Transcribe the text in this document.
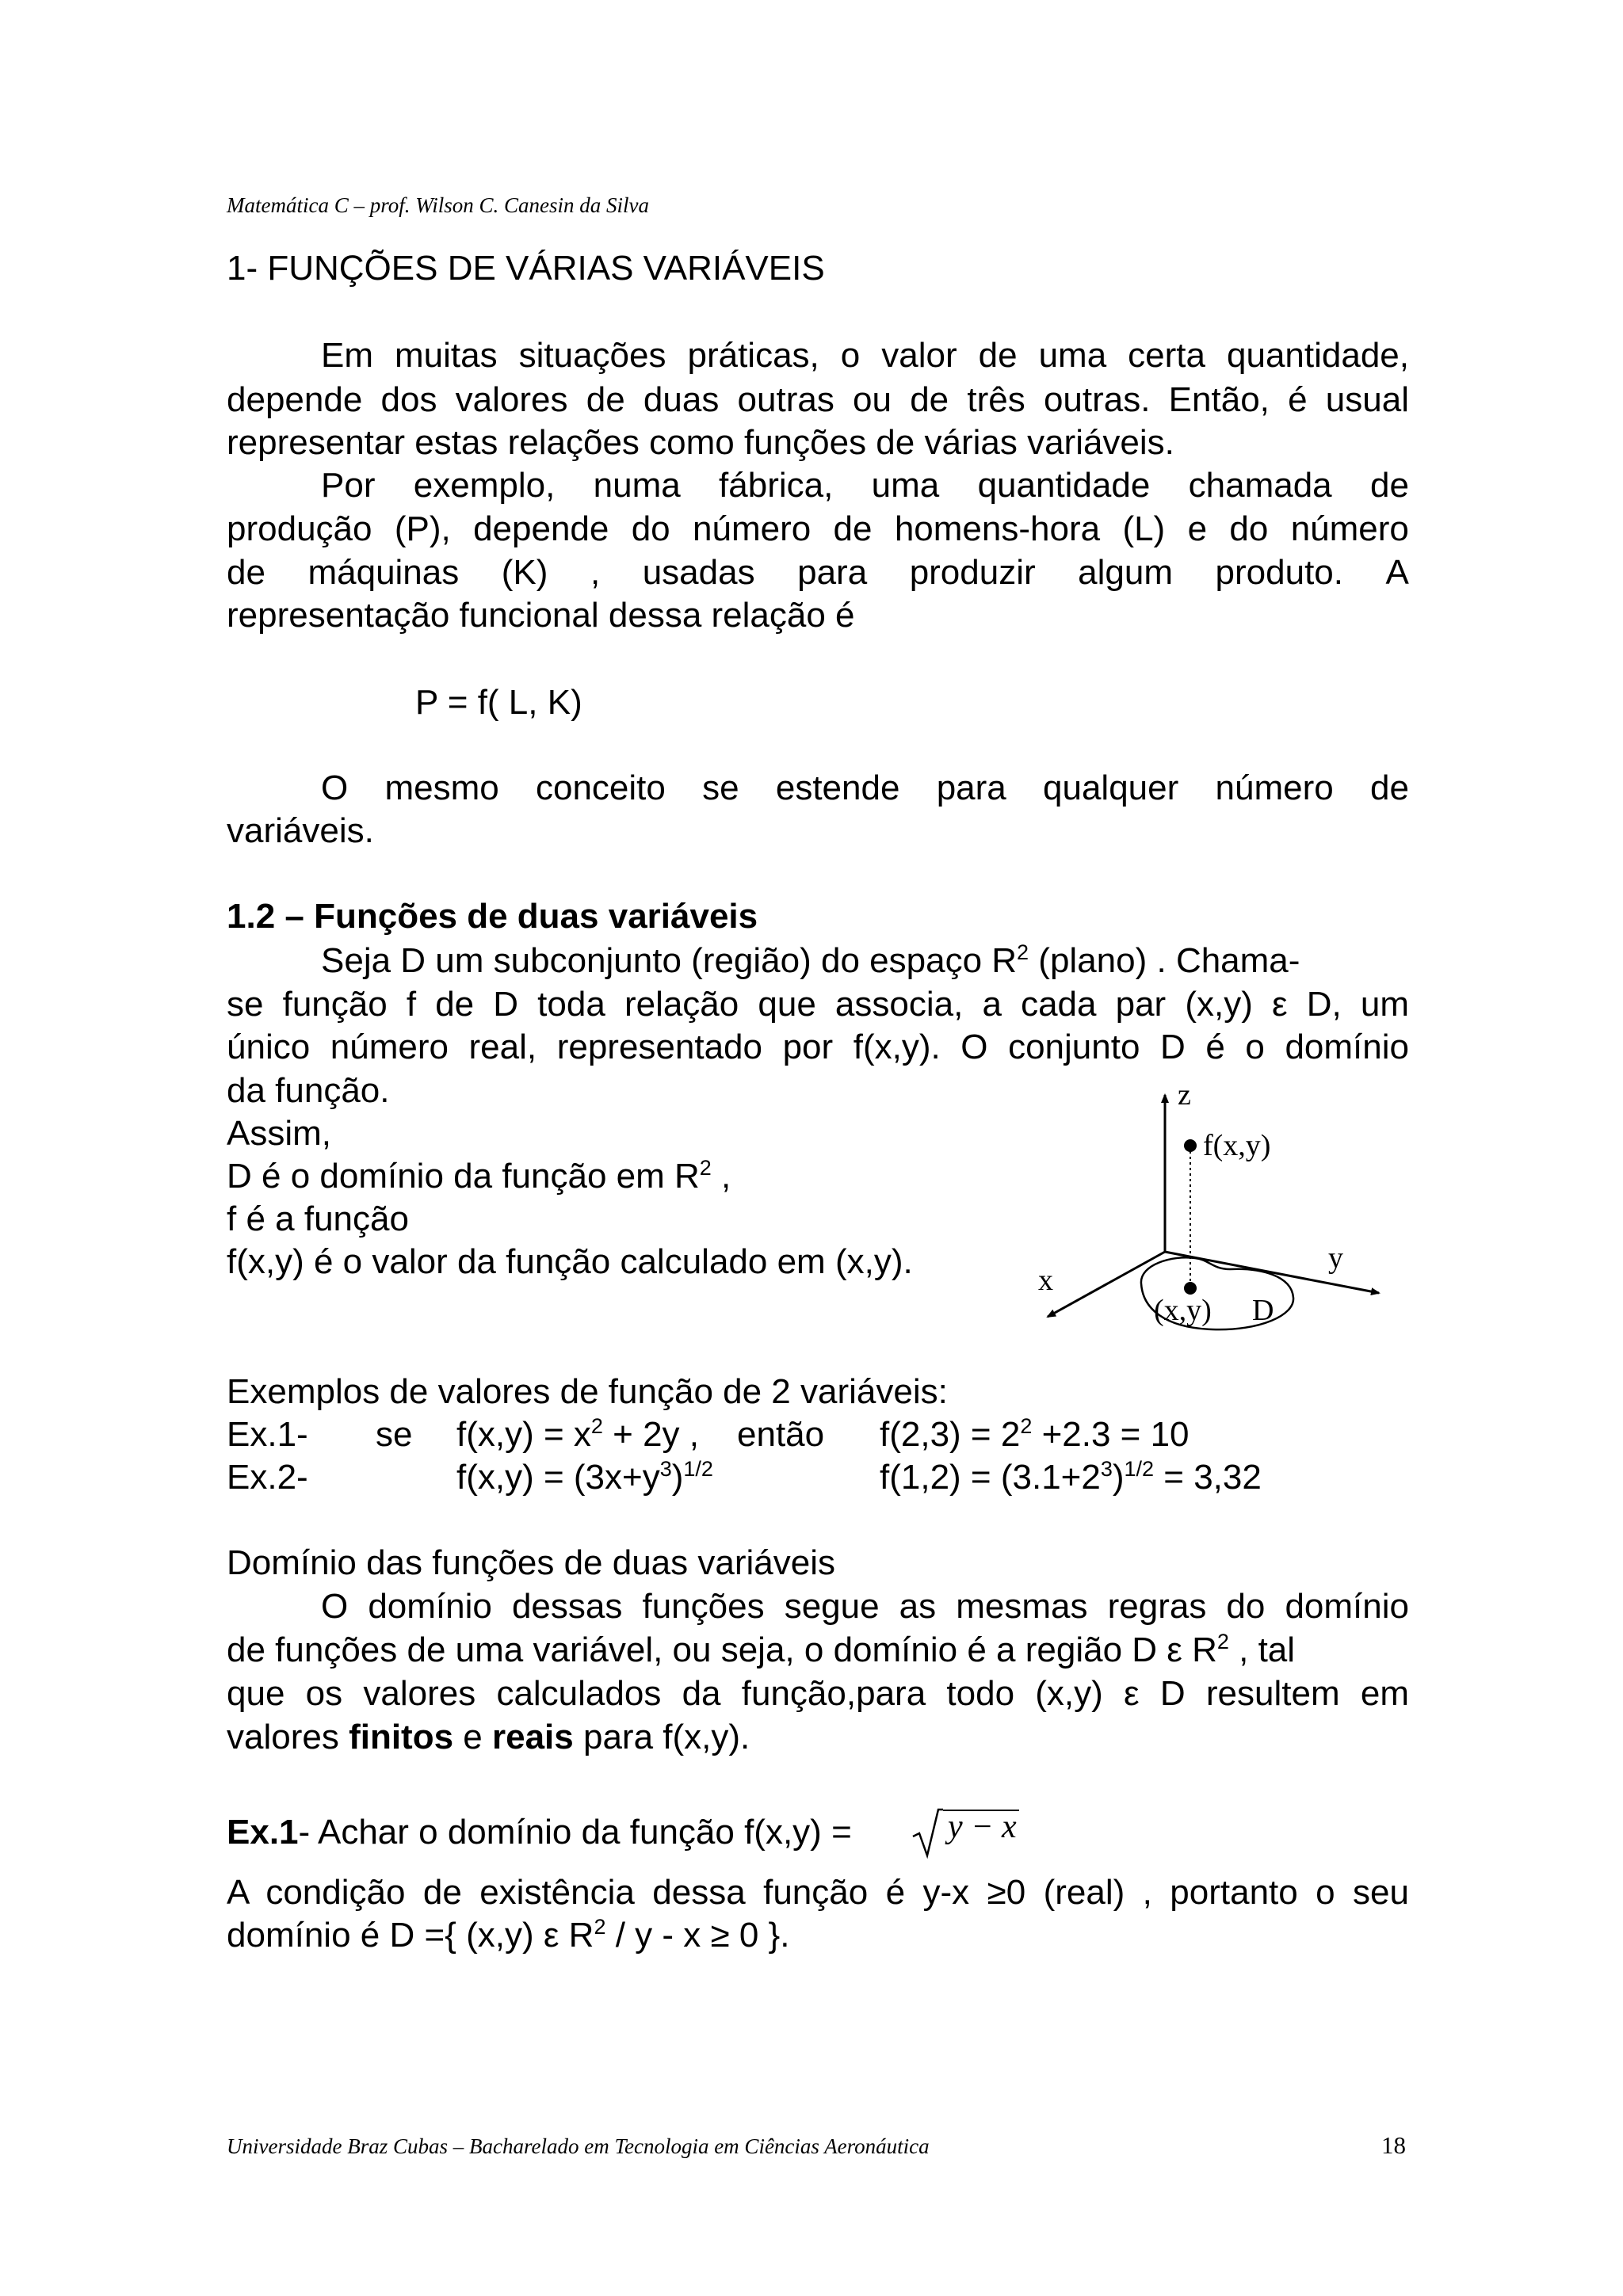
Matemática C – prof. Wilson C. Canesin da Silva
1- FUNÇÕES DE VÁRIAS VARIÁVEIS
Em muitas situações práticas, o valor de uma certa quantidade,
depende dos valores de duas outras ou de três outras. Então, é usual
representar estas relações como funções de várias variáveis.
Por exemplo, numa fábrica, uma quantidade chamada de
produção (P), depende do número de homens-hora (L) e do número
de máquinas (K) , usadas para produzir algum produto. A
representação funcional dessa relação é
P = f( L, K)
O mesmo conceito se estende para qualquer número de
variáveis.
1.2 – Funções de duas variáveis
Seja D um subconjunto (região) do espaço $R^2$ (plano) . Chama-
se função f de D toda relação que associa, a cada par (x,y) ε D, um
único número real, representado por f(x,y). O conjunto D é o domínio
da função.
Assim,
D é o domínio da função em $R^2$ ,
f é a função
f(x,y) é o valor da função calculado em (x,y).
z
f(x,y)
y
x
(x,y) D
Exemplos de valores de função de 2 variáveis:
Ex.1- se $f(x,y) = x^2 + 2y$ , então $f(2,3) = 2^2 +2.3 = 10$
Ex.2-	$f(x,y) = (3x+y^3)^{1/2}$	$f(1,2) = (3.1+2^3)^{1/2} = 3,32$
Domínio das funções de duas variáveis
O domínio dessas funções segue as mesmas regras do domínio
de funções de uma variável, ou seja, o domínio é a região D ε $R^2$ , tal
que os valores calculados da função,para todo (x,y) ε D resultem em
valores finitos e reais para f(x,y).
Ex.1- Achar o domínio da função f(x,y) =	y − x
A condição de existência dessa função é y-x ≥0 (real) , portanto o seu
domínio é D ={ (x,y) ε $R^2 / y - x \ge 0$ }.
Universidade Braz Cubas – Bacharelado em Tecnologia em Ciências Aeronáutica	18
